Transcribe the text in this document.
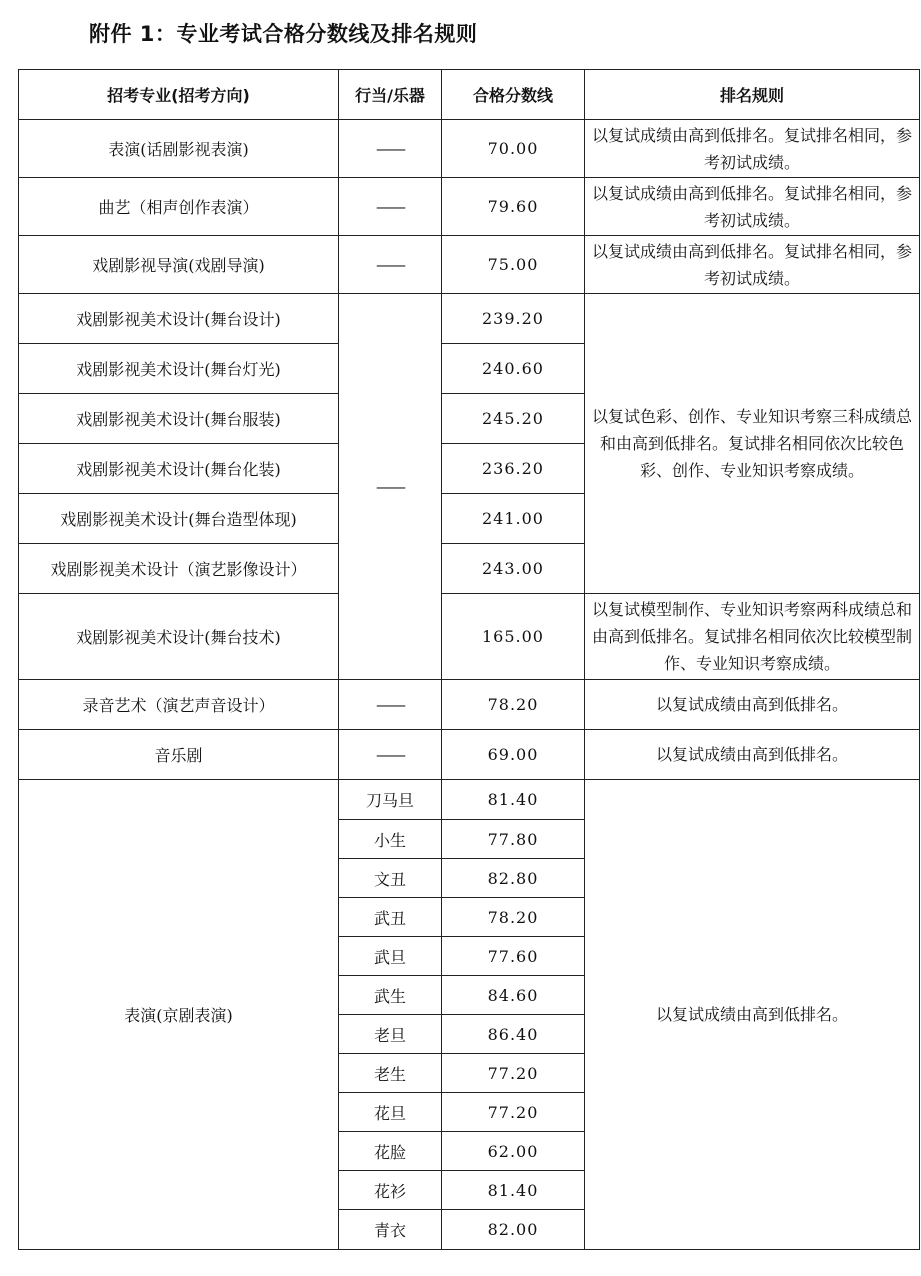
附件 1：专业考试合格分数线及排名规则
招考专业(招考方向)	行当/乐器	合格分数线	排名规则
表演(话剧影视表演)	——	70.00	以复试成绩由高到低排名。复试排名相同，参考初试成绩。
曲艺（相声创作表演）	——	79.60	以复试成绩由高到低排名。复试排名相同，参考初试成绩。
戏剧影视导演(戏剧导演)	——	75.00	以复试成绩由高到低排名。复试排名相同，参考初试成绩。
戏剧影视美术设计(舞台设计)	——	239.20	以复试色彩、创作、专业知识考察三科成绩总和由高到低排名。复试排名相同依次比较色彩、创作、专业知识考察成绩。
戏剧影视美术设计(舞台灯光)		240.60	
戏剧影视美术设计(舞台服装)		245.20	
戏剧影视美术设计(舞台化装)		236.20	
戏剧影视美术设计(舞台造型体现)		241.00	
戏剧影视美术设计（演艺影像设计）		243.00	
戏剧影视美术设计(舞台技术)		165.00	以复试模型制作、专业知识考察两科成绩总和由高到低排名。复试排名相同依次比较模型制作、专业知识考察成绩。
录音艺术（演艺声音设计）	——	78.20	以复试成绩由高到低排名。
音乐剧	——	69.00	以复试成绩由高到低排名。
表演(京剧表演)	刀马旦	81.40	以复试成绩由高到低排名。
	小生	77.80	
	文丑	82.80	
	武丑	78.20	
	武旦	77.60	
	武生	84.60	
	老旦	86.40	
	老生	77.20	
	花旦	77.20	
	花脸	62.00	
	花衫	81.40	
	青衣	82.00	
